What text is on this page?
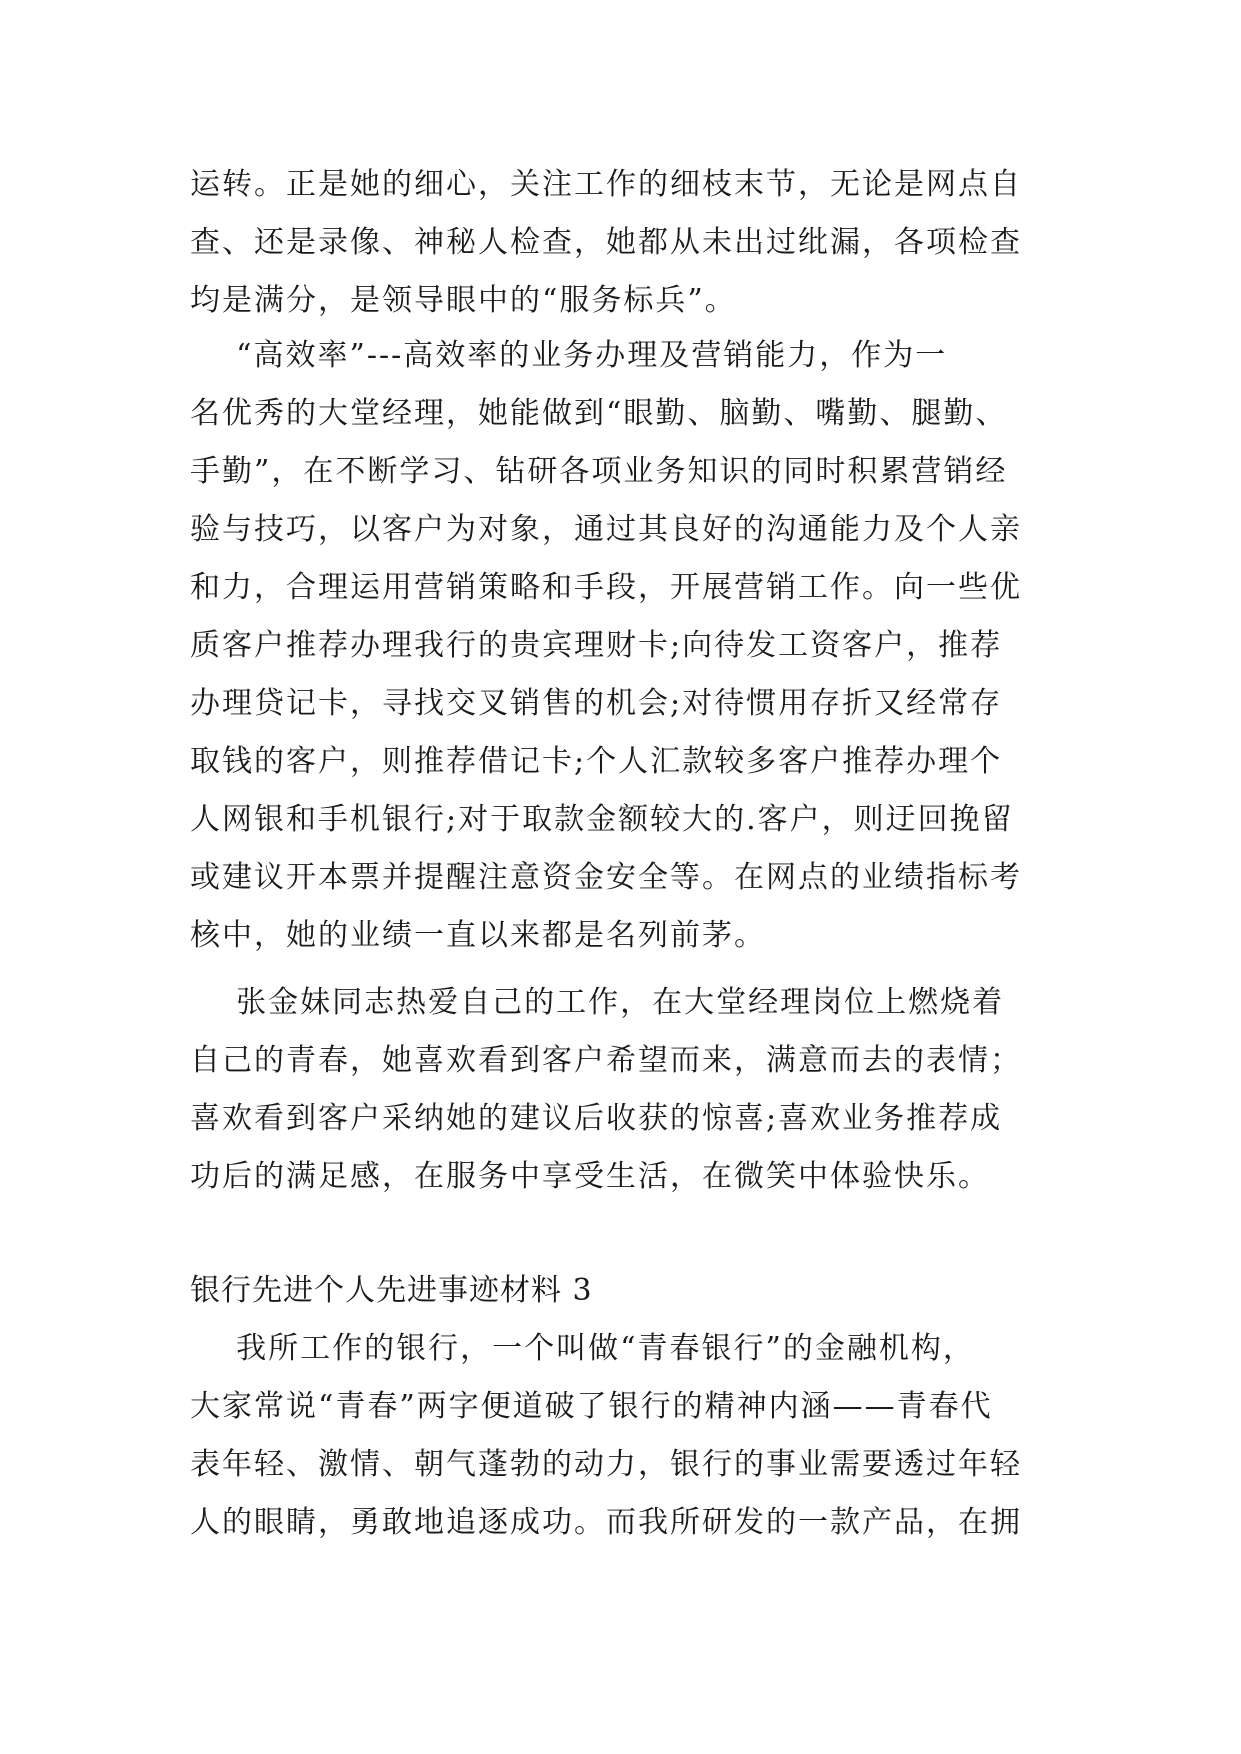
运转。正是她的细心，关注工作的细枝末节，无论是网点自
查、还是录像、神秘人检查，她都从未出过纰漏，各项检查
均是满分，是领导眼中的“服务标兵”。
“高效率”---高效率的业务办理及营销能力，作为一
名优秀的大堂经理，她能做到“眼勤、脑勤、嘴勤、腿勤、
手勤”，在不断学习、钻研各项业务知识的同时积累营销经
验与技巧，以客户为对象，通过其良好的沟通能力及个人亲
和力，合理运用营销策略和手段，开展营销工作。向一些优
质客户推荐办理我行的贵宾理财卡;向待发工资客户，推荐
办理贷记卡，寻找交叉销售的机会;对待惯用存折又经常存
取钱的客户，则推荐借记卡;个人汇款较多客户推荐办理个
人网银和手机银行;对于取款金额较大的.客户，则迂回挽留
或建议开本票并提醒注意资金安全等。在网点的业绩指标考
核中，她的业绩一直以来都是名列前茅。
张金妹同志热爱自己的工作，在大堂经理岗位上燃烧着
自己的青春，她喜欢看到客户希望而来，满意而去的表情；
喜欢看到客户采纳她的建议后收获的惊喜;喜欢业务推荐成
功后的满足感，在服务中享受生活，在微笑中体验快乐。
银行先进个人先进事迹材料 3
我所工作的银行，一个叫做“青春银行”的金融机构，
大家常说“青春”两字便道破了银行的精神内涵——青春代
表年轻、激情、朝气蓬勃的动力，银行的事业需要透过年轻
人的眼睛，勇敢地追逐成功。而我所研发的一款产品，在拥
